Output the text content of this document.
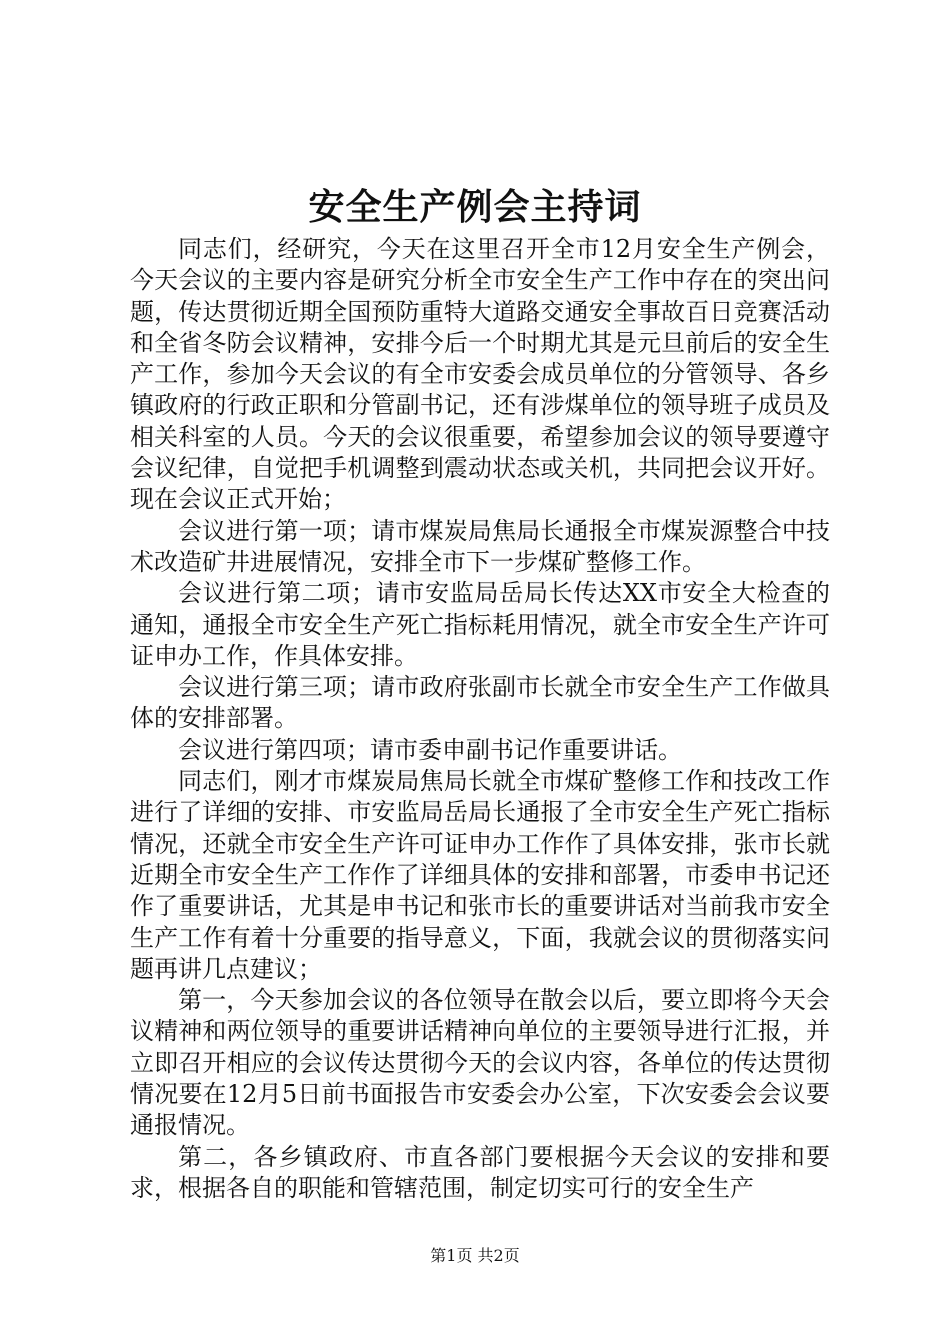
安全生产例会主持词

同志们，经研究，今天在这里召开全市12月安全生产例会，今天会议的主要内容是研究分析全市安全生产工作中存在的突出问题，传达贯彻近期全国预防重特大道路交通安全事故百日竞赛活动和全省冬防会议精神，安排今后一个时期尤其是元旦前后的安全生产工作，参加今天会议的有全市安委会成员单位的分管领导、各乡镇政府的行政正职和分管副书记，还有涉煤单位的领导班子成员及相关科室的人员。今天的会议很重要，希望参加会议的领导要遵守会议纪律，自觉把手机调整到震动状态或关机，共同把会议开好。现在会议正式开始；

会议进行第一项；请市煤炭局焦局长通报全市煤炭源整合中技术改造矿井进展情况，安排全市下一步煤矿整修工作。

会议进行第二项；请市安监局岳局长传达XX市安全大检查的通知，通报全市安全生产死亡指标耗用情况，就全市安全生产许可证申办工作，作具体安排。

会议进行第三项；请市政府张副市长就全市安全生产工作做具体的安排部署。

会议进行第四项；请市委申副书记作重要讲话。

同志们，刚才市煤炭局焦局长就全市煤矿整修工作和技改工作进行了详细的安排、市安监局岳局长通报了全市安全生产死亡指标情况，还就全市安全生产许可证申办工作作了具体安排，张市长就近期全市安全生产工作作了详细具体的安排和部署，市委申书记还作了重要讲话，尤其是申书记和张市长的重要讲话对当前我市安全生产工作有着十分重要的指导意义，下面，我就会议的贯彻落实问题再讲几点建议；

第一，今天参加会议的各位领导在散会以后，要立即将今天会议精神和两位领导的重要讲话精神向单位的主要领导进行汇报，并立即召开相应的会议传达贯彻今天的会议内容，各单位的传达贯彻情况要在12月5日前书面报告市安委会办公室，下次安委会会议要通报情况。

第二，各乡镇政府、市直各部门要根据今天会议的安排和要求，根据各自的职能和管辖范围，制定切实可行的安全生产

第1页 共2页
